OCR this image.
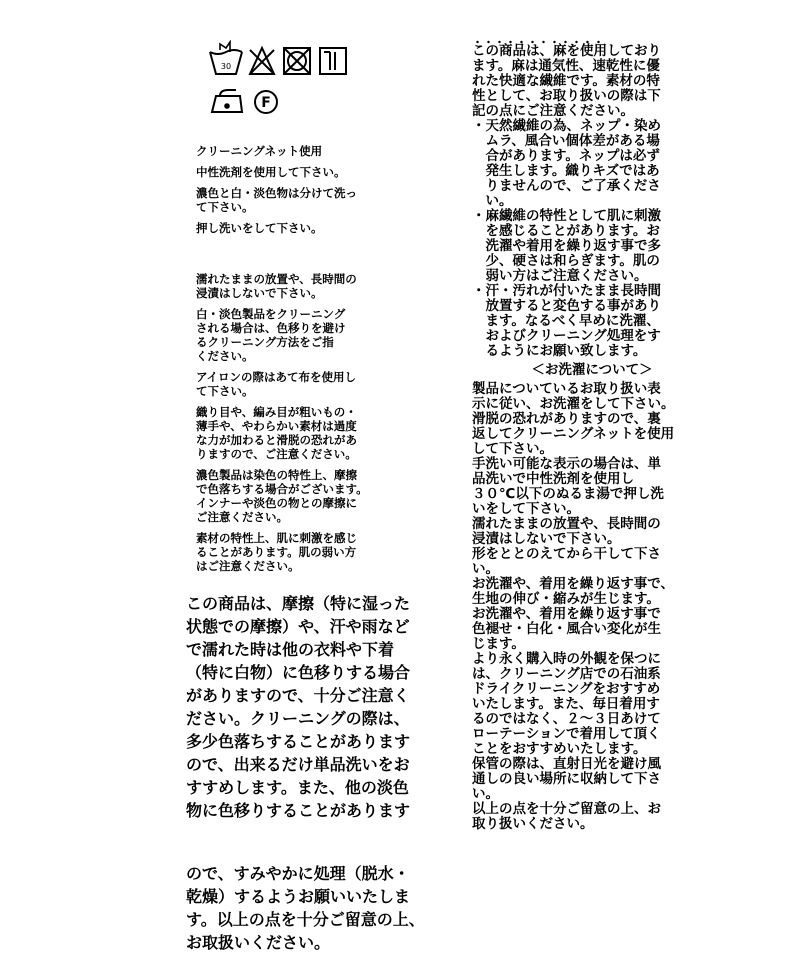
30
F

クリーニングネット使用

中性洗剤を使用して下さい。

濃色と白・淡色物は分けて洗っ
て下さい。

押し洗いをして下さい。

濡れたままの放置や、長時間の
浸漬はしないで下さい。

白・淡色製品をクリーニング
される場合は、色移りを避け
るクリーニング方法をご指
ください。

アイロンの際はあて布を使用し
て下さい。

織り目や、編み目が粗いもの・
薄手や、やわらかい素材は過度
な力が加わると滑脱の恐れがあ
りますので、ご注意ください。

濃色製品は染色の特性上、摩擦
で色落ちする場合がございます。
インナーや淡色の物との摩擦に
ご注意ください。

素材の特性上、肌に刺激を感じ
ることがあります。肌の弱い方
はご注意ください。

この商品は、摩擦（特に湿った
状態での摩擦）や、汗や雨など
で濡れた時は他の衣料や下着
（特に白物）に色移りする場合
がありますので、十分ご注意く
ださい。クリーニングの際は、
多少色落ちすることがあります
ので、出来るだけ単品洗いをお
すすめします。また、他の淡色
物に色移りすることがあります
ので、すみやかに処理（脱水・
乾燥）するようお願いいたしま
す。以上の点を十分ご留意の上、
お取扱いください。

この商品は、麻を使用しており
ます。麻は通気性、速乾性に優
れた快適な繊維です。素材の特
性として、お取り扱いの際は下
記の点にご注意ください。

・天然繊維の為、ネップ・染め
　ムラ、風合い個体差がある場
　合があります。ネップは必ず
　発生します。織りキズではあ
　りませんので、ご了承くださ
　い。

・麻繊維の特性として肌に刺激
　を感じることがあります。お
　洗濯や着用を繰り返す事で多
　少、硬さは和らぎます。肌の
　弱い方はご注意ください。

・汗・汚れが付いたまま長時間
　放置すると変色する事があり
　ます。なるべく早めに洗濯、
　およびクリーニング処理をす
　るようにお願い致します。

＜お洗濯について＞

製品についているお取り扱い表
示に従い、お洗濯をして下さい。
滑脱の恐れがありますので、裏
返してクリーニングネットを使用
して下さい。

手洗い可能な表示の場合は、単
品洗いで中性洗剤を使用し
３０℃以下のぬるま湯で押し洗
いをして下さい。

濡れたままの放置や、長時間の
浸漬はしないで下さい。

形をととのえてから干して下さ
い。

お洗濯や、着用を繰り返す事で、
生地の伸び・縮みが生じます。
お洗濯や、着用を繰り返す事で
色褪せ・白化・風合い変化が生
じます。

より永く購入時の外観を保つに
は、クリーニング店での石油系
ドライクリーニングをおすすめ
いたします。また、毎日着用す
るのではなく、２～３日あけて
ローテーションで着用して頂く
ことをおすすめいたします。

保管の際は、直射日光を避け風
通しの良い場所に収納して下さ
い。

以上の点を十分ご留意の上、お
取り扱いください。
